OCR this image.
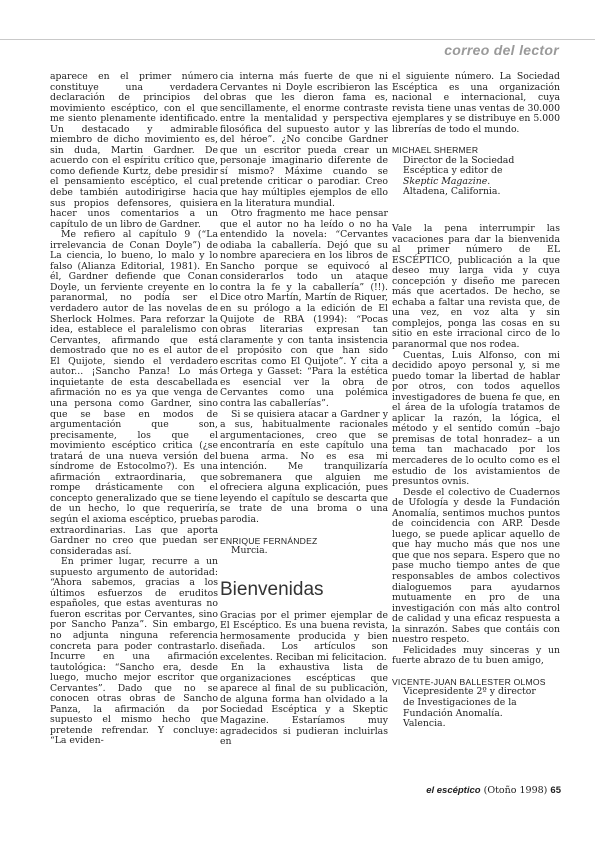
correo del lector

aparece en el primer número constituye una verdadera declaración de principios del movimiento escéptico, con el que me siento plenamente identificado. Un destacado y admirable miembro de dicho movimiento es, sin duda, Martin Gardner. De acuerdo con el espíritu crítico que, como defiende Kurtz, debe presidir el pensamiento escéptico, el cual debe también autodirigirse hacia sus propios defensores, quisiera hacer unos comentarios a un capítulo de un libro de Gardner.

Me refiero al capítulo 9 (“La irrelevancia de Conan Doyle”) de La ciencia, lo bueno, lo malo y lo falso (Alianza Editorial, 1981). En él, Gardner defiende que Conan Doyle, un ferviente creyente en lo paranormal, no podía ser el verdadero autor de las novelas de Sherlock Holmes. Para reforzar la idea, establece el paralelismo con Cervantes, afirmando que está demostrado que no es el autor de El Quijote, siendo el verdadero autor... ¡Sancho Panza! Lo más inquietante de esta descabellada afirmación no es ya que venga de una persona como Gardner, sino que se base en modos de argumentación que son, precisamente, los que el movimiento escéptico critica (¿se tratará de una nueva versión del síndrome de Estocolmo?). Es una afirmación extraordinaria, que rompe drásticamente con el concepto generalizado que se tiene de un hecho, lo que requeriría, según el axioma escéptico, pruebas extraordinarias. Las que aporta Gardner no creo que puedan ser consideradas así.

En primer lugar, recurre a un supuesto argumento de autoridad: “Ahora sabemos, gracias a los últimos esfuerzos de eruditos españoles, que estas aventuras no fueron escritas por Cervantes, sino por Sancho Panza”. Sin embargo, no adjunta ninguna referencia concreta para poder contrastarlo. Incurre en una afirmación tautológica: “Sancho era, desde luego, mucho mejor escritor que Cervantes”. Dado que no se conocen otras obras de Sancho Panza, la afirmación da por supuesto el mismo hecho que pretende refrendar. Y concluye: “La eviden-

cia interna más fuerte de que ni Cervantes ni Doyle escribieron las obras que les dieron fama es, sencillamente, el enorme contraste entre la mentalidad y perspectiva filosófica del supuesto autor y las del héroe”. ¿No concibe Gardner que un escritor pueda crear un personaje imaginario diferente de sí mismo? Máxime cuando se pretende criticar o parodiar. Creo que hay múltiples ejemplos de ello en la literatura mundial.

Otro fragmento me hace pensar que el autor no ha leído o no ha entendido la novela: “Cervantes odiaba la caballería. Dejó que su nombre apareciera en los libros de Sancho porque se equivocó al considerarlos todo un ataque contra la fe y la caballería” (!!). Dice otro Martín, Martín de Riquer, en su prólogo a la edición de El Quijote de RBA (1994): “Pocas obras literarias expresan tan claramente y con tanta insistencia el propósito con que han sido escritas como El Quijote”. Y cita a Ortega y Gasset: “Para la estética es esencial ver la obra de Cervantes como una polémica contra las caballerías”.

Si se quisiera atacar a Gardner y a sus, habitualmente racionales argumentaciones, creo que se encontraría en este capítulo una buena arma. No es esa mi intención. Me tranquilizaría sobremanera que alguien me ofreciera alguna explicación, pues leyendo el capítulo se descarta que se trate de una broma o una parodia.

ENRIQUE FERNÁNDEZ

Murcia.

Bienvenidas

Gracias por el primer ejemplar de El Escéptico. Es una buena revista, hermosamente producida y bien diseñada. Los artículos son excelentes. Reciban mi felicitacion.

En la exhaustiva lista de organizaciones escépticas que aparece al final de su publicación, de alguna forma han olvidado a la Sociedad Escéptica y a Skeptic Magazine. Estaríamos muy agradecidos si pudieran incluirlas en

el siguiente número. La Sociedad Escéptica es una organización nacional e internacional, cuya revista tiene unas ventas de 30.000 ejemplares y se distribuye en 5.000 librerías de todo el mundo.

MICHAEL SHERMER

Director de la Sociedad

Escéptica y editor de

Skeptic Magazine.

Altadena, California.

Vale la pena interrumpir las vacaciones para dar la bienvenida al primer número de EL ESCÉPTICO, publicación a la que deseo muy larga vida y cuya concepción y diseño me parecen más que acertados. De hecho, se echaba a faltar una revista que, de una vez, en voz alta y sin complejos, ponga las cosas en su sitio en este irracional circo de lo paranormal que nos rodea.

Cuentas, Luis Alfonso, con mi decidido apoyo personal y, si me puedo tomar la libertad de hablar por otros, con todos aquellos investigadores de buena fe que, en el área de la ufología tratamos de aplicar la razón, la lógica, el método y el sentido común –bajo premisas de total honradez– a un tema tan machacado por los mercaderes de lo oculto como es el estudio de los avistamientos de presuntos ovnis.

Desde el colectivo de Cuadernos de Ufología y desde la Fundación Anomalía, sentimos muchos puntos de coincidencia con ARP. Desde luego, se puede aplicar aquello de que hay mucho más que nos une que que nos separa. Espero que no pase mucho tiempo antes de que responsables de ambos colectivos dialoguemos para ayudarnos mutuamente en pro de una investigación con más alto control de calidad y una eficaz respuesta a la sinrazón. Sabes que contáis con nuestro respeto.

Felicidades muy sinceras y un fuerte abrazo de tu buen amigo,

VICENTE-JUAN BALLESTER OLMOS

Vicepresidente 2º y director

de Investigaciones de la

Fundación Anomalía.

Valencia.

el escéptico (Otoño 1998) 65
